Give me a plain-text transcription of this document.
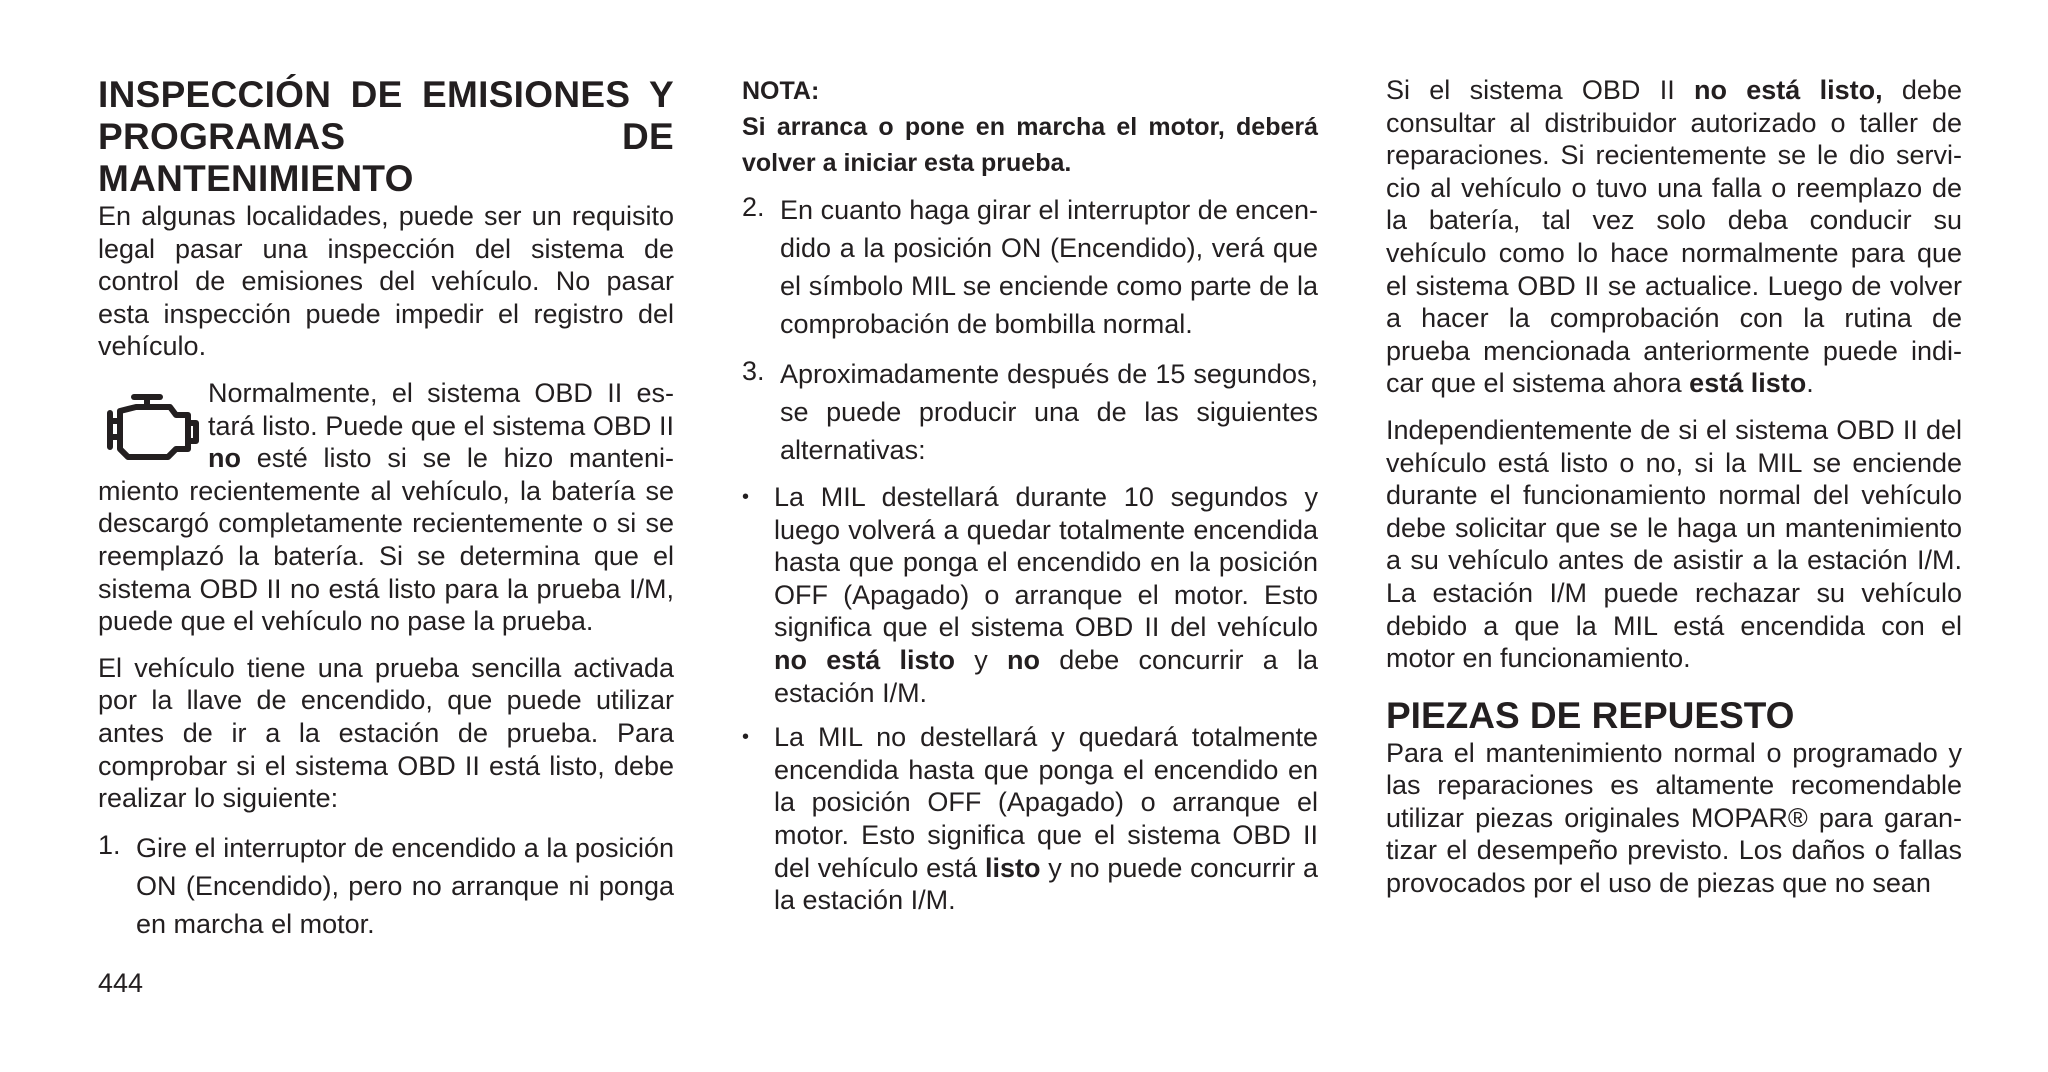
INSPECCIÓN DE EMISIONES Y PROGRAMAS DE MANTENIMIENTO

En algunas localidades, puede ser un requisito legal pasar una inspección del sistema de control de emisiones del vehículo. No pasar esta inspección puede impedir el registro del vehículo.

Normalmente, el sistema OBD II estará listo. Puede que el sistema OBD II no esté listo si se le hizo mantenimiento recientemente al vehículo, la batería se descargó completamente recientemente o si se reemplazó la batería. Si se determina que el sistema OBD II no está listo para la prueba I/M, puede que el vehículo no pase la prueba.

El vehículo tiene una prueba sencilla activada por la llave de encendido, que puede utilizar antes de ir a la estación de prueba. Para comprobar si el sistema OBD II está listo, debe realizar lo siguiente:

1. Gire el interruptor de encendido a la posición ON (Encendido), pero no arranque ni ponga en marcha el motor.

NOTA:

Si arranca o pone en marcha el motor, deberá volver a iniciar esta prueba.

2. En cuanto haga girar el interruptor de encendido a la posición ON (Encendido), verá que el símbolo MIL se enciende como parte de la comprobación de bombilla normal.
3. Aproximadamente después de 15 segundos, se puede producir una de las siguientes alternativas:
• La MIL destellará durante 10 segundos y luego volverá a quedar totalmente encendida hasta que ponga el encendido en la posición OFF (Apagado) o arranque el motor. Esto significa que el sistema OBD II del vehículo no está listo y no debe concurrir a la estación I/M.
• La MIL no destellará y quedará totalmente encendida hasta que ponga el encendido en la posición OFF (Apagado) o arranque el motor. Esto significa que el sistema OBD II del vehículo está listo y no puede concurrir a la estación I/M.

Si el sistema OBD II no está listo, debe consultar al distribuidor autorizado o taller de reparaciones. Si recientemente se le dio servicio al vehículo o tuvo una falla o reemplazo de la batería, tal vez solo deba conducir su vehículo como lo hace normalmente para que el sistema OBD II se actualice. Luego de volver a hacer la comprobación con la rutina de prueba mencionada anteriormente puede indicar que el sistema ahora está listo.

Independientemente de si el sistema OBD II del vehículo está listo o no, si la MIL se enciende durante el funcionamiento normal del vehículo debe solicitar que se le haga un mantenimiento a su vehículo antes de asistir a la estación I/M. La estación I/M puede rechazar su vehículo debido a que la MIL está encendida con el motor en funcionamiento.

PIEZAS DE REPUESTO

Para el mantenimiento normal o programado y las reparaciones es altamente recomendable utilizar piezas originales MOPAR® para garantizar el desempeño previsto. Los daños o fallas provocados por el uso de piezas que no sean

444
